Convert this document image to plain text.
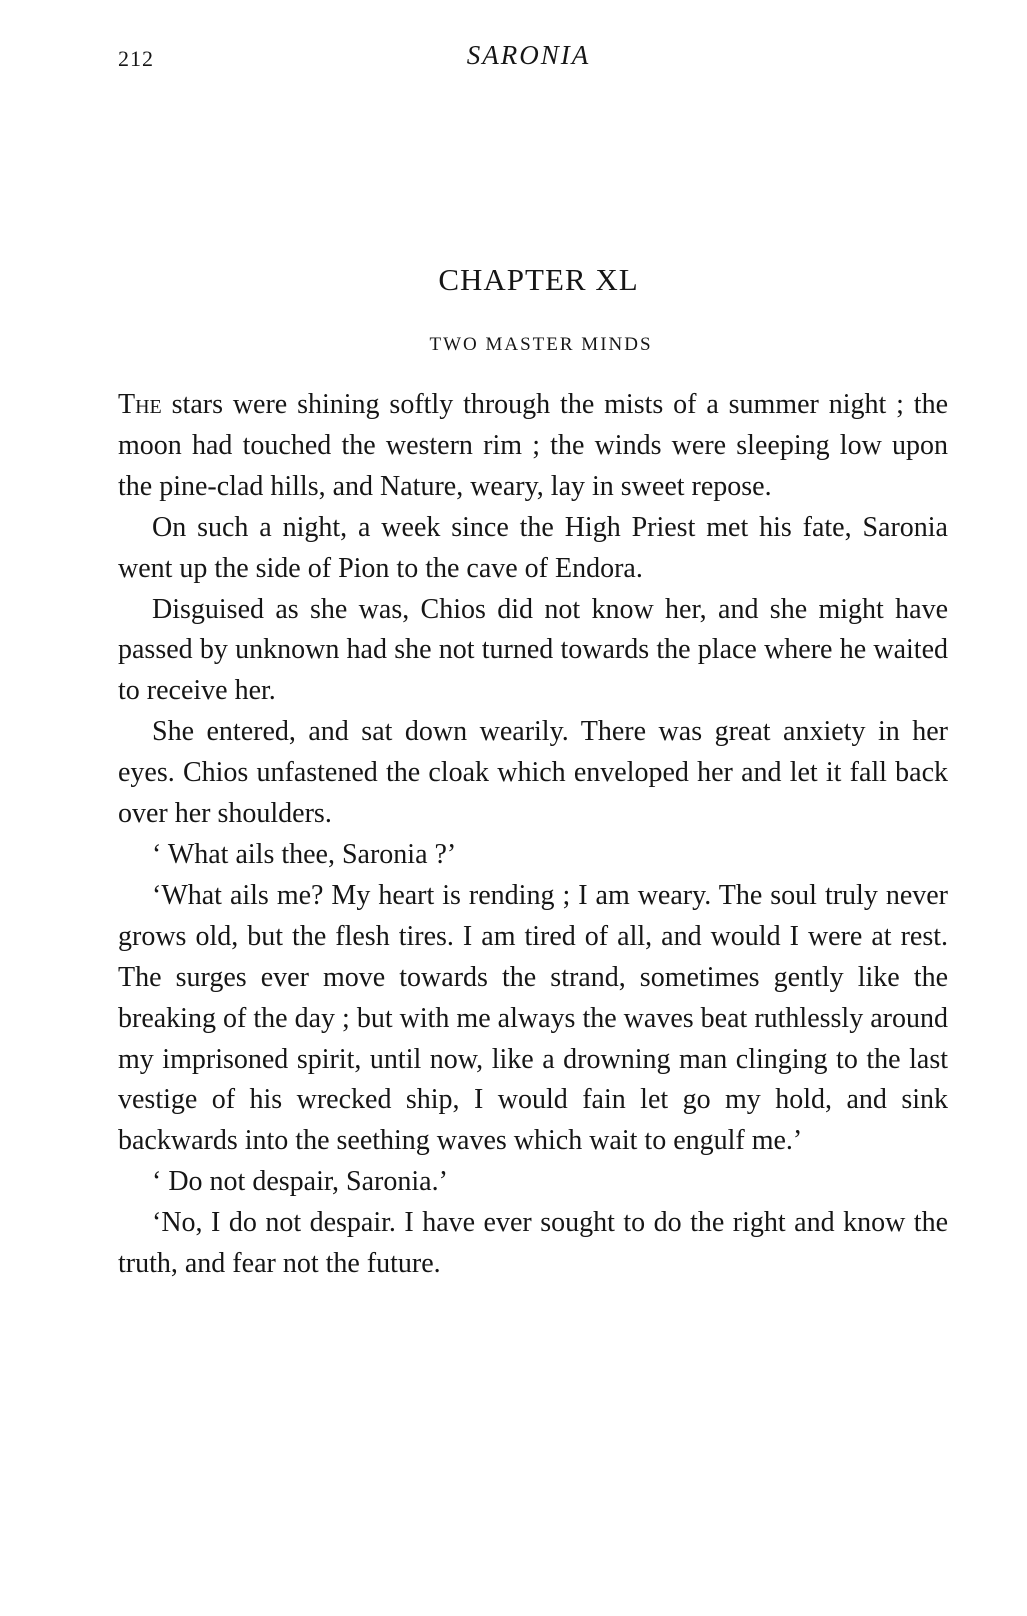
212	SARONIA
CHAPTER XL
TWO MASTER MINDS

The stars were shining softly through the mists of a summer night ; the moon had touched the western rim ; the winds were sleeping low upon the pine-clad hills, and Nature, weary, lay in sweet repose.

On such a night, a week since the High Priest met his fate, Saronia went up the side of Pion to the cave of Endora.

Disguised as she was, Chios did not know her, and she might have passed by unknown had she not turned towards the place where he waited to receive her.

She entered, and sat down wearily. There was great anxiety in her eyes. Chios unfastened the cloak which enveloped her and let it fall back over her shoulders.

‘ What ails thee, Saronia ?’

‘What ails me? My heart is rending ; I am weary. The soul truly never grows old, but the flesh tires. I am tired of all, and would I were at rest. The surges ever move towards the strand, sometimes gently like the breaking of the day ; but with me always the waves beat ruthlessly around my imprisoned spirit, until now, like a drowning man clinging to the last vestige of his wrecked ship, I would fain let go my hold, and sink backwards into the seething waves which wait to engulf me.’

‘ Do not despair, Saronia.’

‘No, I do not despair. I have ever sought to do the right and know the truth, and fear not the future.
